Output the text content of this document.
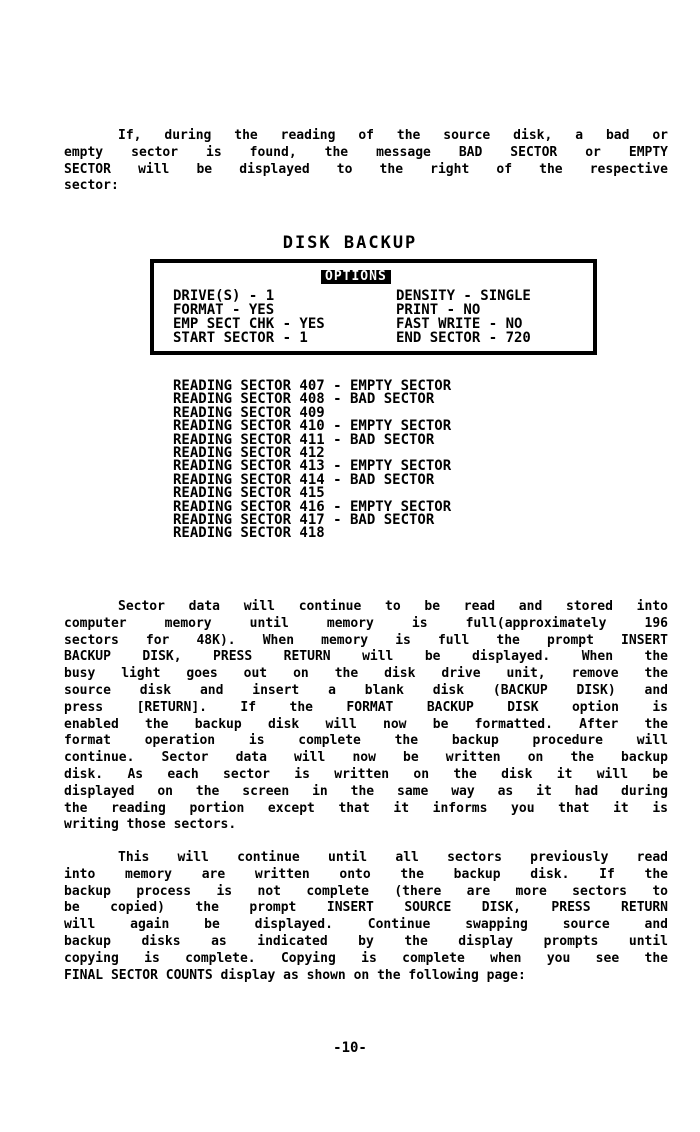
If, during the reading of the source disk, a bad or
empty sector is found, the message BAD SECTOR or EMPTY
SECTOR will be displayed to the right of the respective
sector:
DISK BACKUP
OPTIONS
DRIVE(S) - 1
FORMAT - YES
EMP SECT CHK - YES
START SECTOR - 1
DENSITY - SINGLE
PRINT - NO
FAST WRITE - NO
END SECTOR - 720
READING SECTOR 407 - EMPTY SECTOR
READING SECTOR 408 - BAD SECTOR
READING SECTOR 409
READING SECTOR 410 - EMPTY SECTOR
READING SECTOR 411 - BAD SECTOR
READING SECTOR 412
READING SECTOR 413 - EMPTY SECTOR
READING SECTOR 414 - BAD SECTOR
READING SECTOR 415
READING SECTOR 416 - EMPTY SECTOR
READING SECTOR 417 - BAD SECTOR
READING SECTOR 418
Sector data will continue to be read and stored into
computer memory until memory is full(approximately 196
sectors for 48K). When memory is full the prompt INSERT
BACKUP DISK, PRESS RETURN will be displayed. When the
busy light goes out on the disk drive unit, remove the
source disk and insert a blank disk (BACKUP DISK) and
press [RETURN]. If the FORMAT BACKUP DISK option is
enabled the backup disk will now be formatted. After the
format operation is complete the backup procedure will
continue. Sector data will now be written on the backup
disk. As each sector is written on the disk it will be
displayed on the screen in the same way as it had during
the reading portion except that it informs you that it is
writing those sectors.
This will continue until all sectors previously read
into memory are written onto the backup disk. If the
backup process is not complete (there are more sectors to
be copied) the prompt INSERT SOURCE DISK, PRESS RETURN
will again be displayed. Continue swapping source and
backup disks as indicated by the display prompts until
copying is complete. Copying is complete when you see the
FINAL SECTOR COUNTS display as shown on the following page:
-10-
